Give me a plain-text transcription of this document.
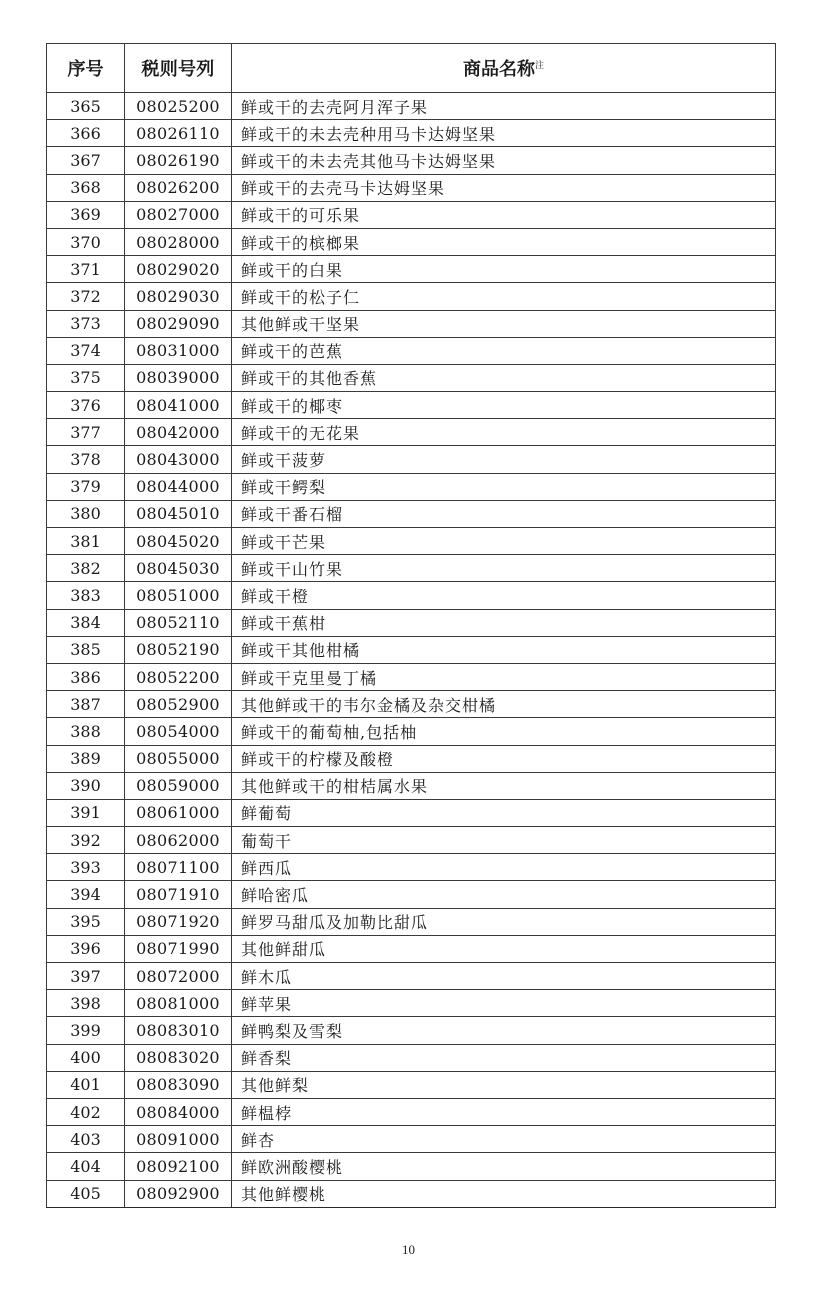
序号	税则号列	商品名称$^注$
365	08025200	鲜或干的去壳阿月浑子果
366	08026110	鲜或干的未去壳种用马卡达姆坚果
367	08026190	鲜或干的未去壳其他马卡达姆坚果
368	08026200	鲜或干的去壳马卡达姆坚果
369	08027000	鲜或干的可乐果
370	08028000	鲜或干的槟榔果
371	08029020	鲜或干的白果
372	08029030	鲜或干的松子仁
373	08029090	其他鲜或干坚果
374	08031000	鲜或干的芭蕉
375	08039000	鲜或干的其他香蕉
376	08041000	鲜或干的椰枣
377	08042000	鲜或干的无花果
378	08043000	鲜或干菠萝
379	08044000	鲜或干鳄梨
380	08045010	鲜或干番石榴
381	08045020	鲜或干芒果
382	08045030	鲜或干山竹果
383	08051000	鲜或干橙
384	08052110	鲜或干蕉柑
385	08052190	鲜或干其他柑橘
386	08052200	鲜或干克里曼丁橘
387	08052900	其他鲜或干的韦尔金橘及杂交柑橘
388	08054000	鲜或干的葡萄柚,包括柚
389	08055000	鲜或干的柠檬及酸橙
390	08059000	其他鲜或干的柑桔属水果
391	08061000	鲜葡萄
392	08062000	葡萄干
393	08071100	鲜西瓜
394	08071910	鲜哈密瓜
395	08071920	鲜罗马甜瓜及加勒比甜瓜
396	08071990	其他鲜甜瓜
397	08072000	鲜木瓜
398	08081000	鲜苹果
399	08083010	鲜鸭梨及雪梨
400	08083020	鲜香梨
401	08083090	其他鲜梨
402	08084000	鲜榅桲
403	08091000	鲜杏
404	08092100	鲜欧洲酸樱桃
405	08092900	其他鲜樱桃
10
